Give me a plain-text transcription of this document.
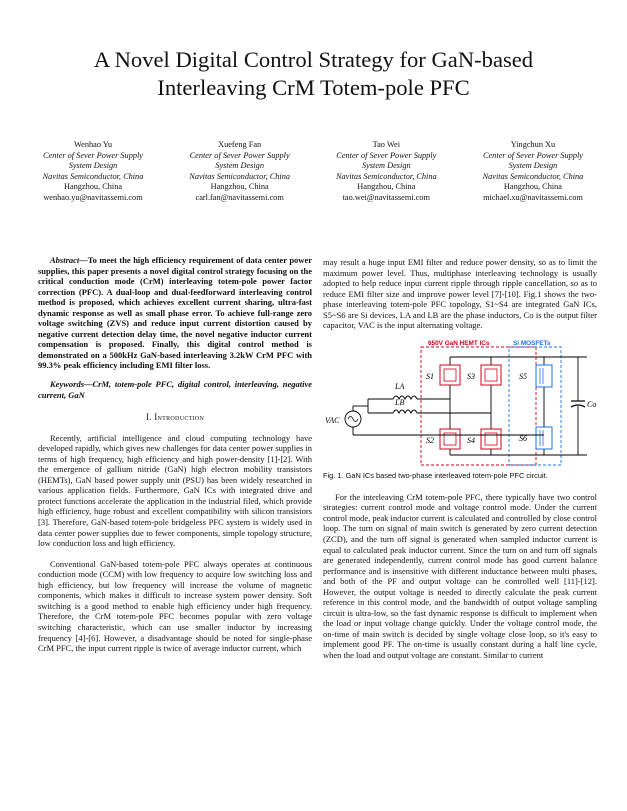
A Novel Digital Control Strategy for GaN-based
Interleaving CrM Totem-pole PFC
Wenhao Yu
Center of Sever Power Supply
System Design
Navitas Semiconductor, China
Hangzhou, China
wenhao.yu@navitassemi.com
Xuefeng Fan
Center of Sever Power Supply
System Design
Navitas Semiconductor, China
Hangzhou, China
carl.fan@navitassemi.com
Tao Wei
Center of Sever Power Supply
System Design
Navitas Semiconductor, China
Hangzhou, China
tao.wei@navitassemi.com
Yingchun Xu
Center of Sever Power Supply
System Design
Navitas Semiconductor, China
Hangzhou, China
michael.xu@navitassemi.com

Abstract—To meet the high efficiency requirement of data center power supplies, this paper presents a novel digital control strategy focusing on the critical conduction mode (CrM) interleaving totem-pole power factor correction (PFC). A dual-loop and dual-feedforward interleaving control method is proposed, which achieves excellent current sharing, ultra-fast dynamic response as well as small phase error. To achieve full-range zero voltage switching (ZVS) and reduce input current distortion caused by negative current detection delay time, the novel negative inductor current compensation is proposed. Finally, this digital control method is demonstrated on a 500kHz GaN-based interleaving 3.2kW CrM PFC with 99.3% peak efficiency including EMI filter loss.

Keywords—CrM, totem-pole PFC, digital control, interleaving, negative current, GaN

I. Introduction

Recently, artificial intelligence and cloud computing technology have developed rapidly, which gives new challenges for data center power supplies in terms of high frequency, high efficiency and high power-density [1]-[2]. With the emergence of gallium nitride (GaN) high electron mobility transistors (HEMTs), GaN based power supply unit (PSU) has been widely researched in various application fields. Furthermore, GaN ICs with integrated drive and protect functions accelerate the application in the industrial filed, which provide high efficiency, huge robust and excellent compatibility with silicon transistors [3]. Therefore, GaN-based totem-pole bridgeless PFC system is widely used in data center power supplies due to fewer components, simple topology structure, low conduction loss and high efficiency.

Conventional GaN-based totem-pole PFC always operates at continuous conduction mode (CCM) with low frequency to acquire low switching loss and high efficiency, but low frequency will increase the volume of magnetic components, which makes it difficult to increase system power density. Soft switching is a good method to enable high efficiency under high frequency. Therefore, the CrM totem-pole PFC becomes popular with zero voltage switching characteristic, which can use smaller inductor by increasing frequency [4]-[6]. However, a disadvantage should be noted for single-phase CrM PFC, the input current ripple is twice of average inductor current, which

may result a huge input EMI filter and reduce power density, so as to limit the maximum power level. Thus, multiphase interleaving technology is usually adopted to help reduce input current ripple through ripple cancellation, so as to reduce EMI filter size and improve power level [7]-[10]. Fig.1 shows the two-phase interleaving totem-pole PFC topology, S1~S4 are integrated GaN ICs, S5~S6 are Si devices, LA and LB are the phase inductors, Co is the output filter capacitor, VAC is the input alternating voltage.

650V GaN HEMT ICs	Si MOSFETs
S1	S3
S2	S4
S5
S6
LA
LB
VAC
Co

Fig. 1. GaN ICs based two-phase interleaved totem-pole PFC circuit.

For the interleaving CrM totem-pole PFC, there typically have two control strategies: current control mode and voltage control mode. Under the current control mode, peak inductor current is calculated and controlled by close control loop. The turn on signal of main switch is generated by zero current detection (ZCD), and the turn off signal is generated when sampled inductor current is equal to calculated peak inductor current. Since the turn on and turn off signals are generated independently, current control mode has good current balance performance and is insensitive with different inductance between multi phases, and both of the PF and output voltage can be controlled well [11]-[12]. However, the output voltage is needed to directly calculate the peak current reference in this control mode, and the bandwidth of output voltage sampling circuit is ultra-low, so the fast dynamic response is difficult to implement when the load or input voltage change quickly. Under the voltage control mode, the on-time of main switch is decided by single voltage close loop, so it's easy to implement good PF. The on-time is usually constant during a half line cycle, when the load and output voltage are constant. Similar to current
